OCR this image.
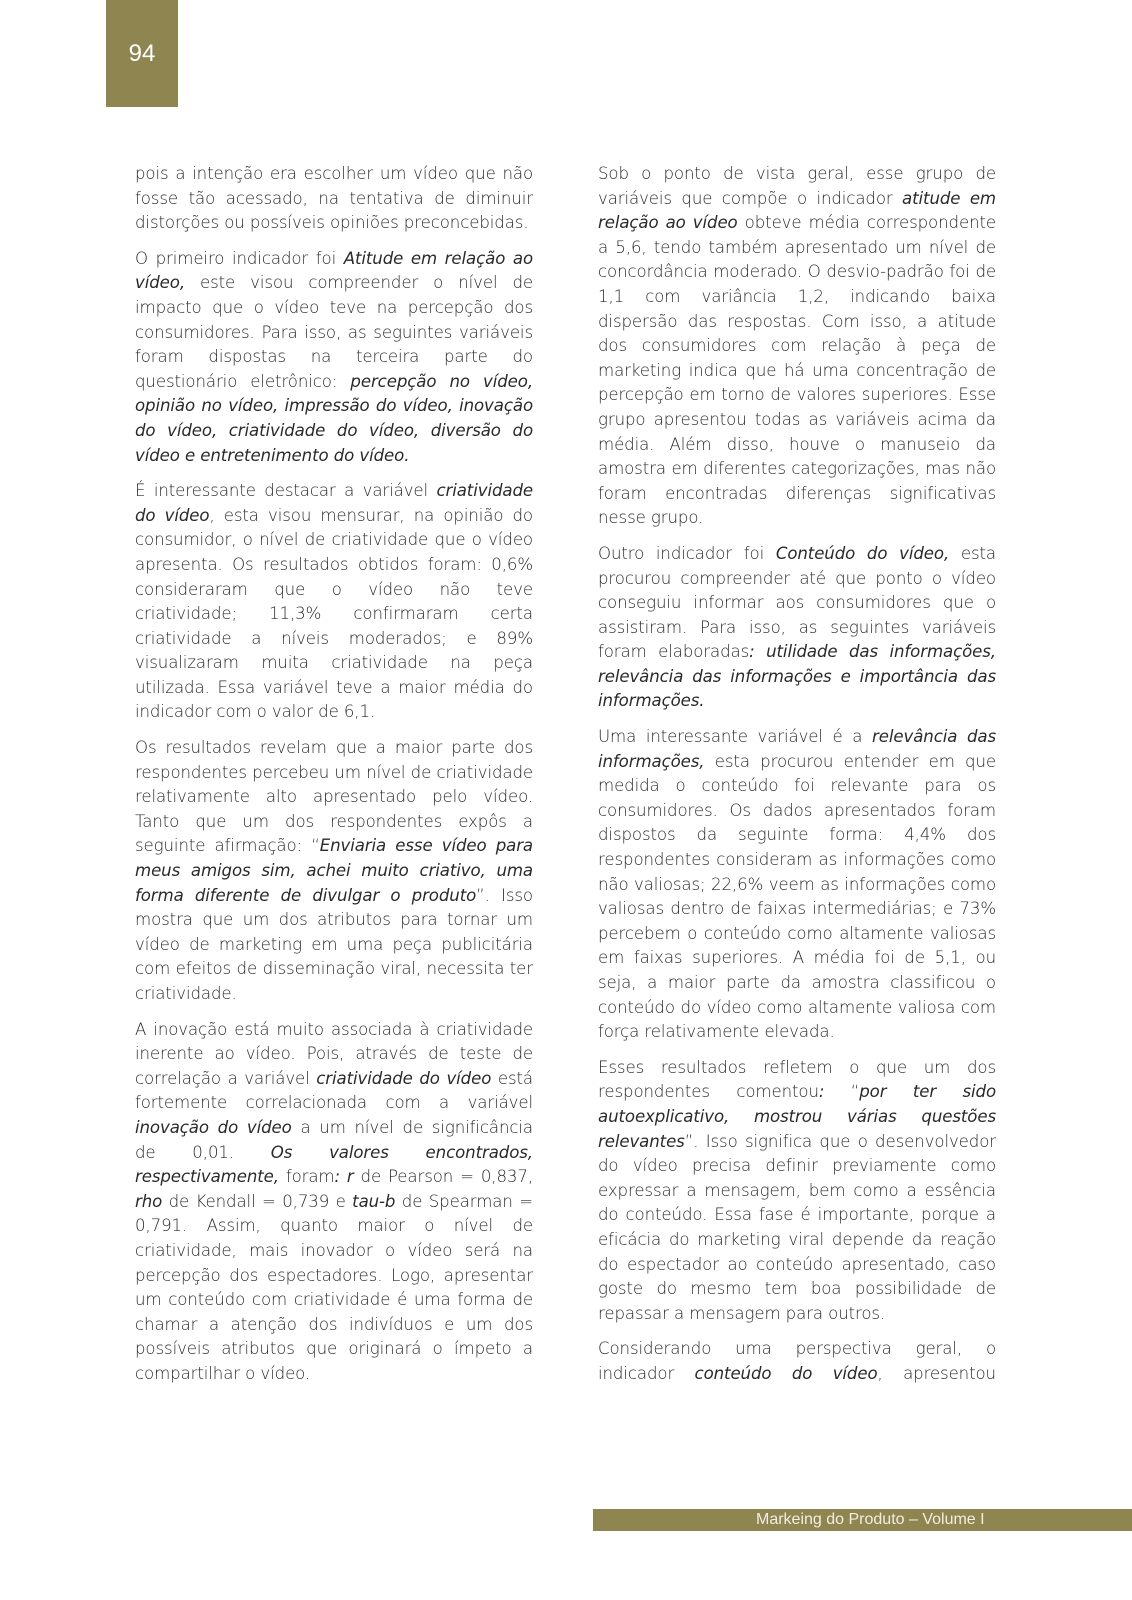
94

pois a intenção era escolher um vídeo que não fosse tão acessado, na tentativa de diminuir distorções ou possíveis opiniões preconcebidas.

O primeiro indicador foi Atitude em relação ao vídeo, este visou compreender o nível de impacto que o vídeo teve na percepção dos consumidores. Para isso, as seguintes variáveis foram dispostas na terceira parte do questionário eletrônico: percepção no vídeo, opinião no vídeo, impressão do vídeo, inovação do vídeo, criatividade do vídeo, diversão do vídeo e entretenimento do vídeo.

É interessante destacar a variável criatividade do vídeo, esta visou mensurar, na opinião do consumidor, o nível de criatividade que o vídeo apresenta. Os resultados obtidos foram: 0,6% consideraram que o vídeo não teve criatividade; 11,3% confirmaram certa criatividade a níveis moderados; e 89% visualizaram muita criatividade na peça utilizada. Essa variável teve a maior média do indicador com o valor de 6,1.

Os resultados revelam que a maior parte dos respondentes percebeu um nível de criatividade relativamente alto apresentado pelo vídeo. Tanto que um dos respondentes expôs a seguinte afirmação: “Enviaria esse vídeo para meus amigos sim, achei muito criativo, uma forma diferente de divulgar o produto”. Isso mostra que um dos atributos para tornar um vídeo de marketing em uma peça publicitária com efeitos de disseminação viral, necessita ter criatividade.

A inovação está muito associada à criatividade inerente ao vídeo. Pois, através de teste de correlação a variável criatividade do vídeo está fortemente correlacionada com a variável inovação do vídeo a um nível de significância de 0,01. Os valores encontrados, respectivamente, foram: r de Pearson = 0,837, rho de Kendall = 0,739 e tau-b de Spearman = 0,791. Assim, quanto maior o nível de criatividade, mais inovador o vídeo será na percepção dos espectadores. Logo, apresentar um conteúdo com criatividade é uma forma de chamar a atenção dos indivíduos e um dos possíveis atributos que originará o ímpeto a compartilhar o vídeo.

Sob o ponto de vista geral, esse grupo de variáveis que compõe o indicador atitude em relação ao vídeo obteve média correspondente a 5,6, tendo também apresentado um nível de concordância moderado. O desvio-padrão foi de 1,1 com variância 1,2, indicando baixa dispersão das respostas. Com isso, a atitude dos consumidores com relação à peça de marketing indica que há uma concentração de percepção em torno de valores superiores. Esse grupo apresentou todas as variáveis acima da média. Além disso, houve o manuseio da amostra em diferentes categorizações, mas não foram encontradas diferenças significativas nesse grupo.

Outro indicador foi Conteúdo do vídeo, esta procurou compreender até que ponto o vídeo conseguiu informar aos consumidores que o assistiram. Para isso, as seguintes variáveis foram elaboradas: utilidade das informações, relevância das informações e importância das informações.

Uma interessante variável é a relevância das informações, esta procurou entender em que medida o conteúdo foi relevante para os consumidores. Os dados apresentados foram dispostos da seguinte forma: 4,4% dos respondentes consideram as informações como não valiosas; 22,6% veem as informações como valiosas dentro de faixas intermediárias; e 73% percebem o conteúdo como altamente valiosas em faixas superiores. A média foi de 5,1, ou seja, a maior parte da amostra classificou o conteúdo do vídeo como altamente valiosa com força relativamente elevada.

Esses resultados refletem o que um dos respondentes comentou: “por ter sido autoexplicativo, mostrou várias questões relevantes”. Isso significa que o desenvolvedor do vídeo precisa definir previamente como expressar a mensagem, bem como a essência do conteúdo. Essa fase é importante, porque a eficácia do marketing viral depende da reação do espectador ao conteúdo apresentado, caso goste do mesmo tem boa possibilidade de repassar a mensagem para outros.

Considerando uma perspectiva geral, o indicador conteúdo do vídeo, apresentou

Markeing do Produto – Volume I
